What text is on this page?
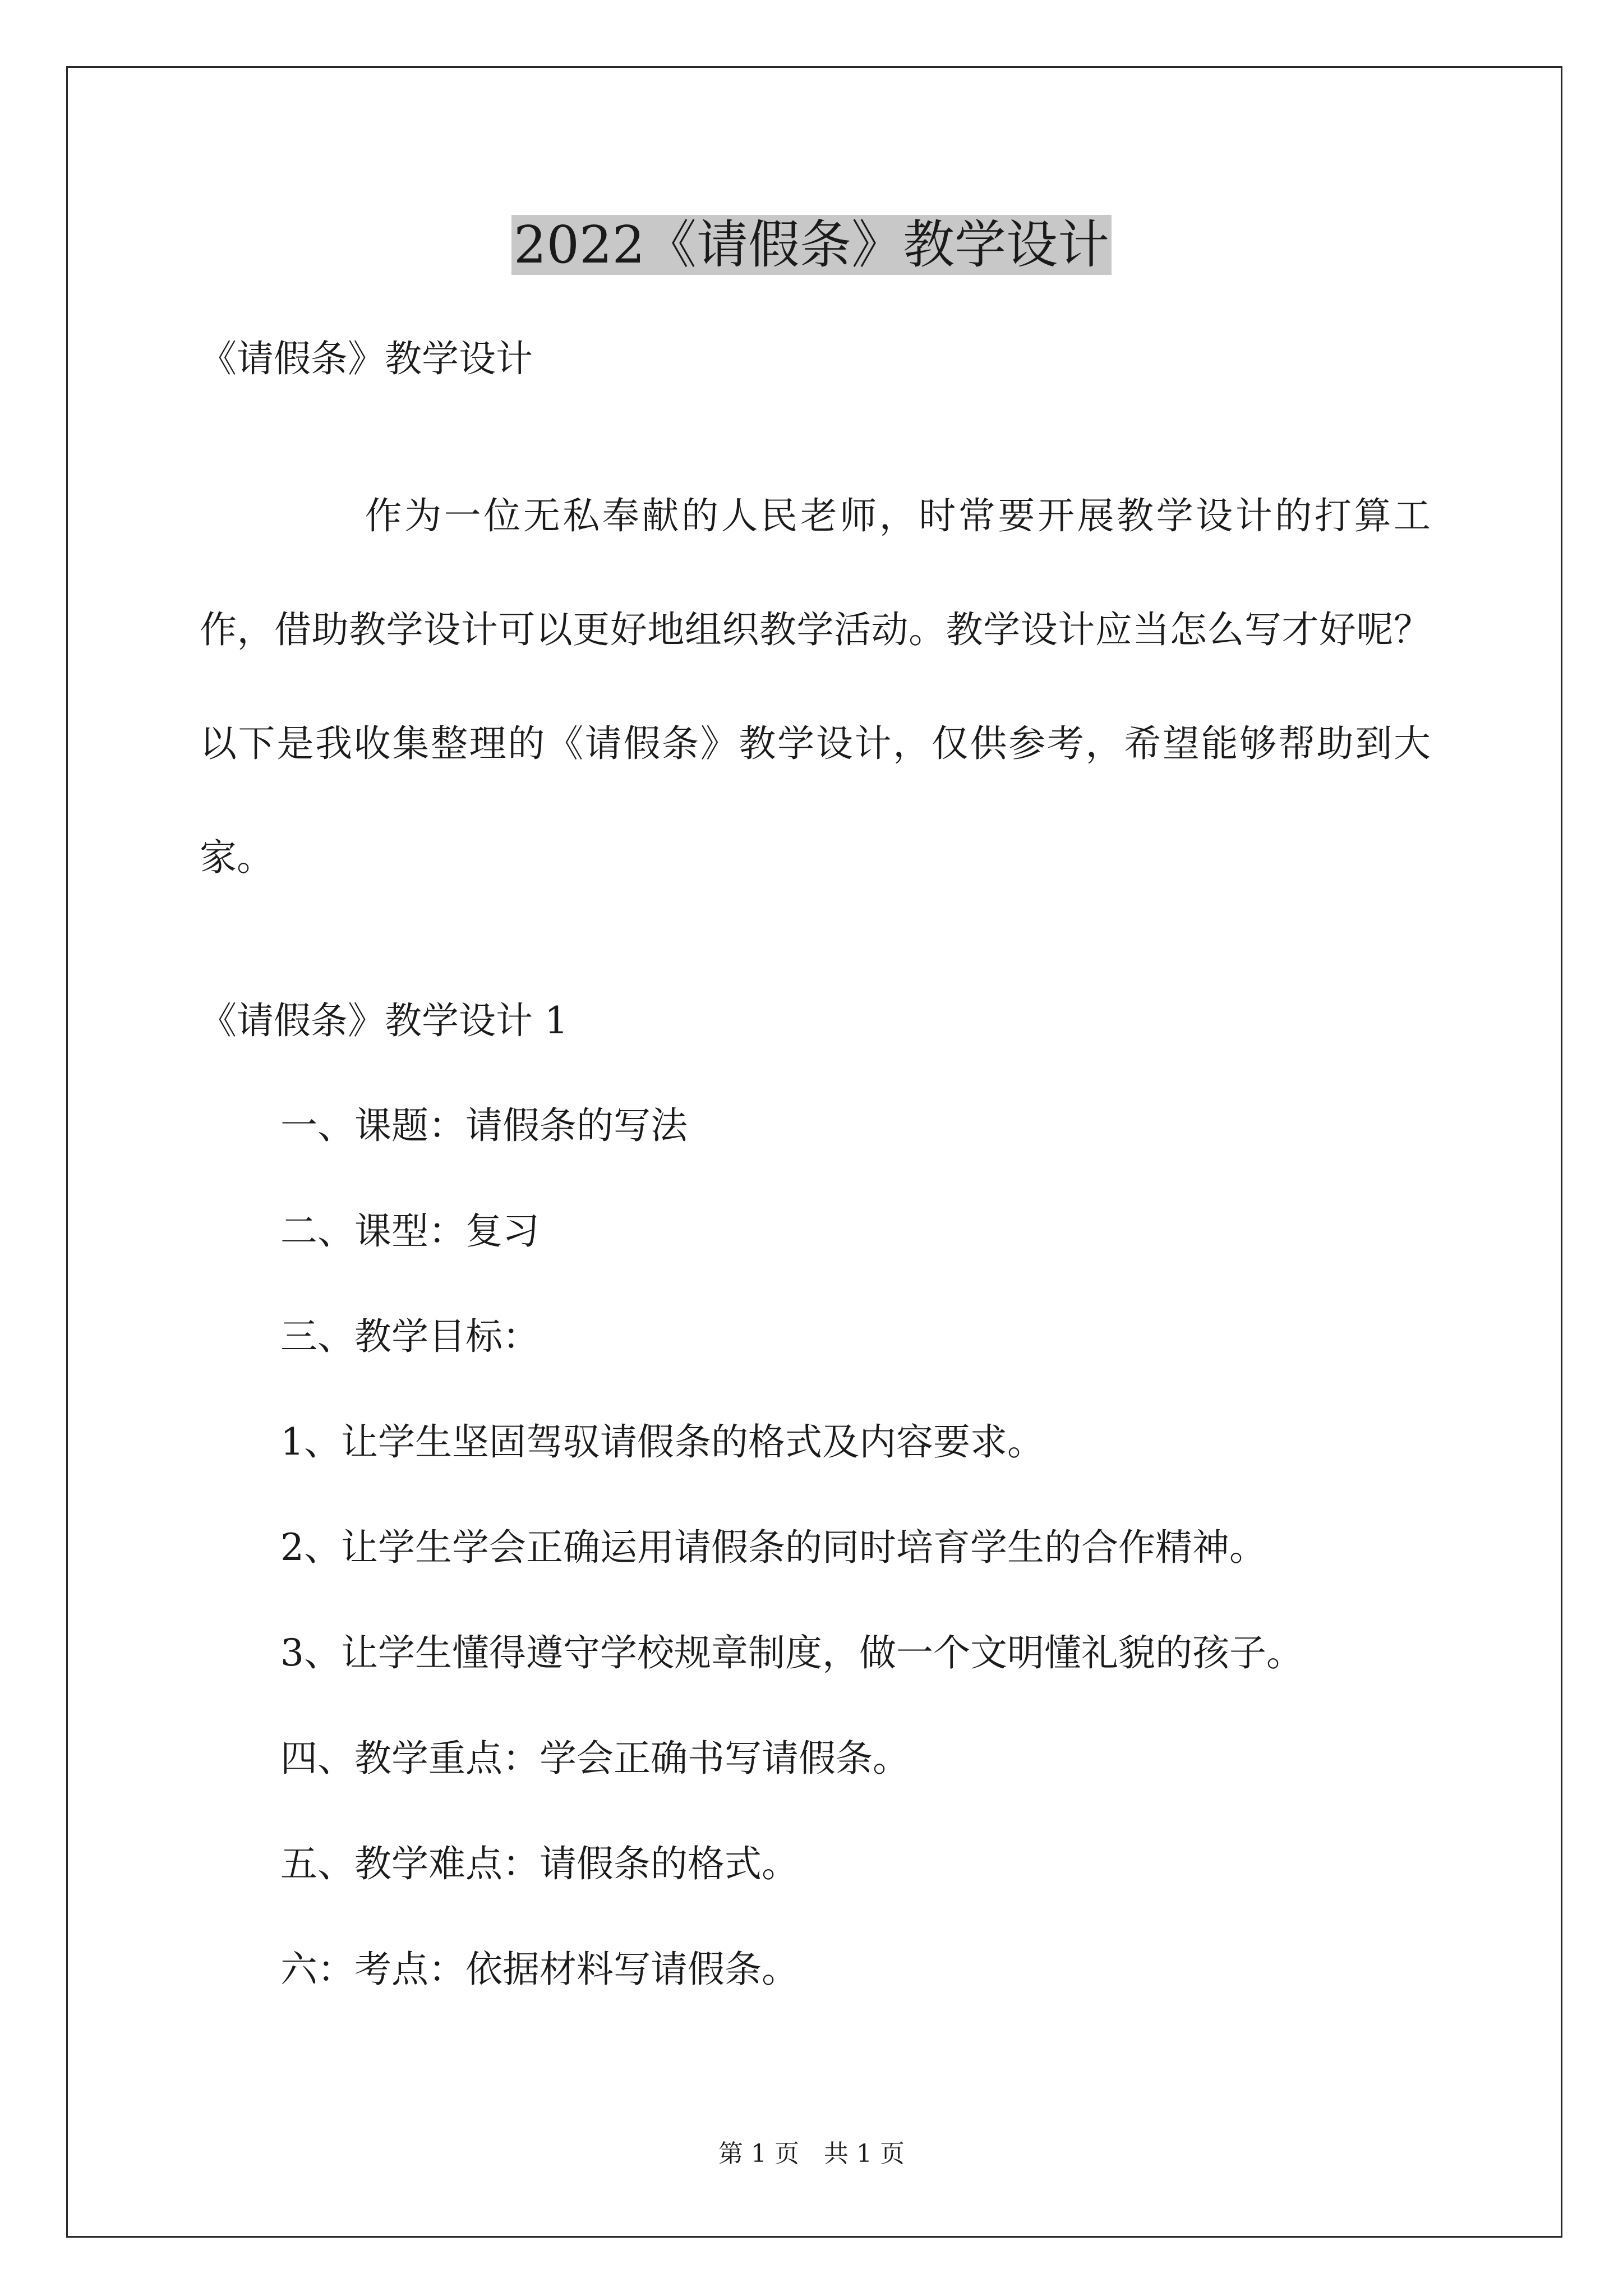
2022《请假条》教学设计
《请假条》教学设计
作为一位无私奉献的人民老师，时常要开展教学设计的打算工作，借助教学设计可以更好地组织教学活动。教学设计应当怎么写才好呢？以下是我收集整理的《请假条》教学设计，仅供参考，希望能够帮助到大家。
《请假条》教学设计 1
一、课题：请假条的写法
二、课型：复习
三、教学目标：
1、让学生坚固驾驭请假条的格式及内容要求。
2、让学生学会正确运用请假条的同时培育学生的合作精神。
3、让学生懂得遵守学校规章制度，做一个文明懂礼貌的孩子。
四、教学重点：学会正确书写请假条。
五、教学难点：请假条的格式。
六：考点：依据材料写请假条。
第 1 页　共 1 页
